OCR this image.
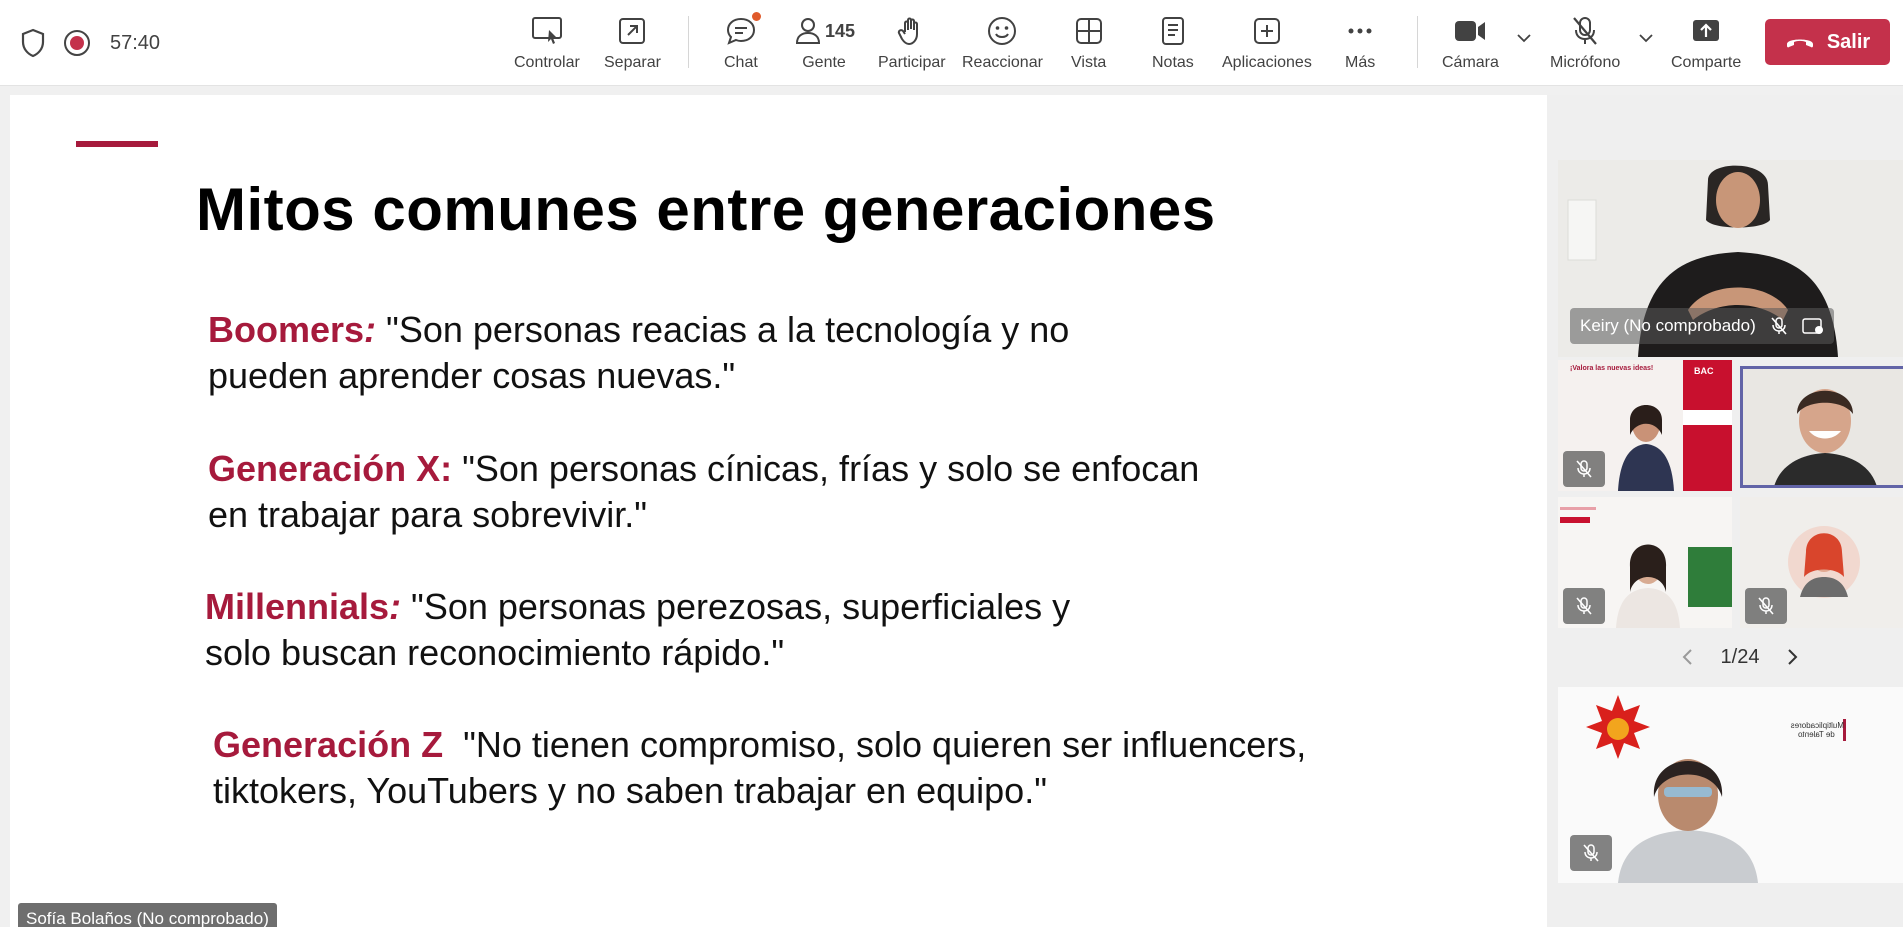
57:40
Controlar Separar	Chat
145
Gente Participar Reaccionar Vista	Notas Aplicaciones Más	Cámara	Micrófono	Comparte
Salir
Mitos comunes entre generaciones
Boomers: "Son personas reacias a la tecnología y no
pueden aprender cosas nuevas."
Generación X: "Son personas cínicas, frías y solo se enfocan
en trabajar para sobrevivir."
Millennials: "Son personas perezosas, superficiales y
solo buscan reconocimiento rápido."
Generación Z  "No tienen compromiso, solo quieren ser influencers,
tiktokers, YouTubers y no saben trabajar en equipo."
Sofía Bolaños (No comprobado)
Keiry (No comprobado)
¡Valora las nuevas ideas!	BAC
1/24
Multiplicadores de Talento
